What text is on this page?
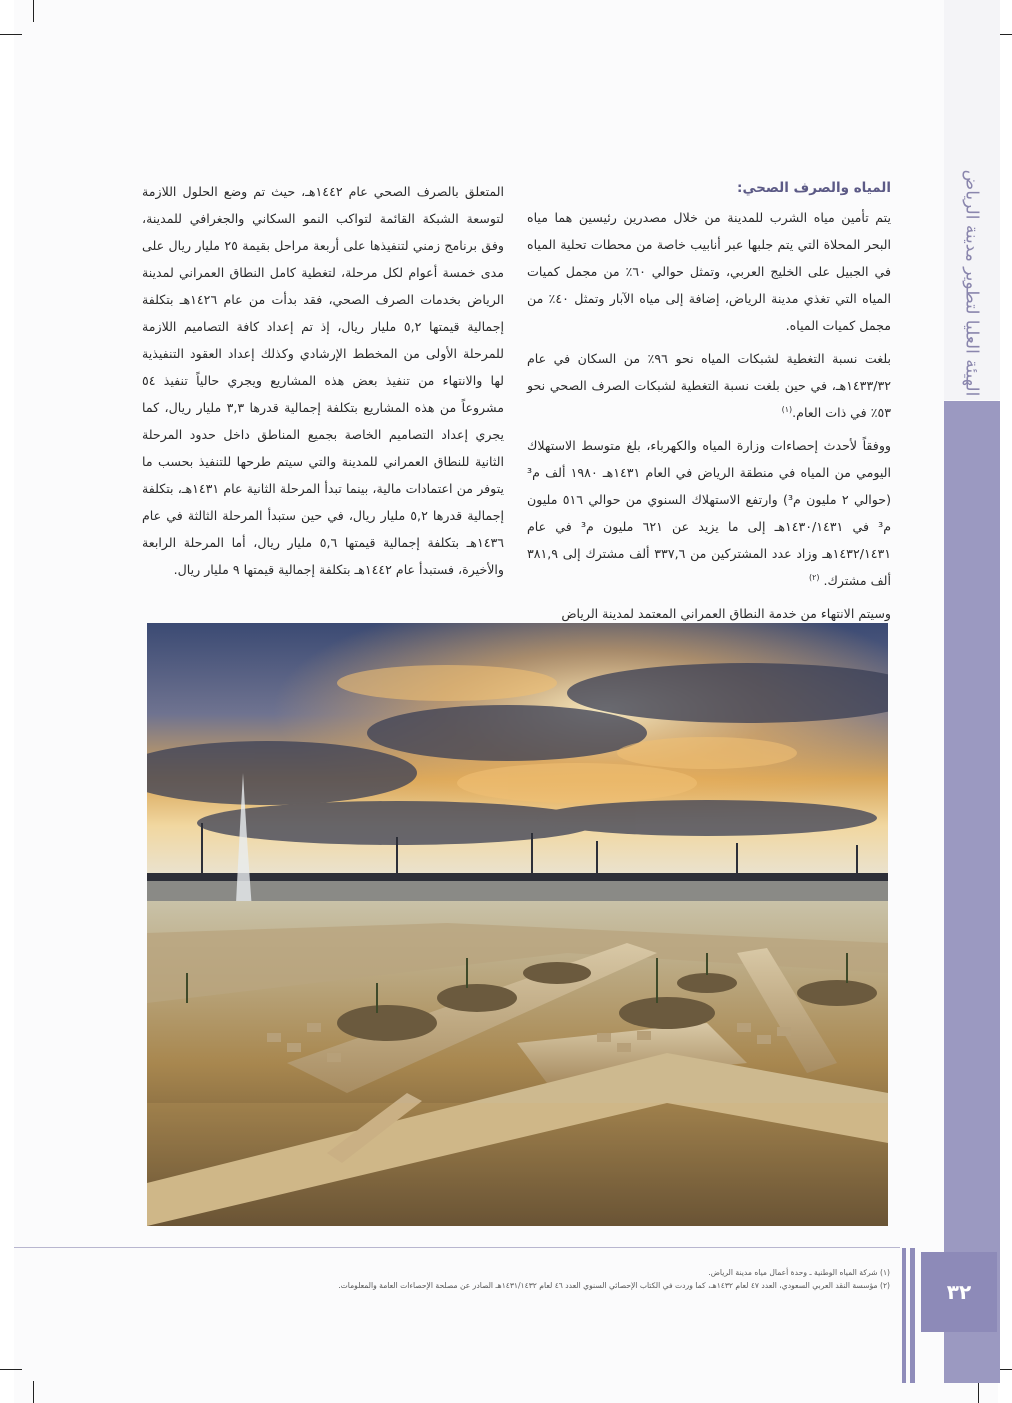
الهيئة العليا لتطوير مدينة الرياض
٣٢
المياه والصرف الصحي:

يتم تأمين مياه الشرب للمدينة من خلال مصدرين رئيسين هما مياه البحر المحلاة التي يتم جلبها عبر أنابيب خاصة من محطات تحلية المياه في الجبيل على الخليج العربي، وتمثل حوالي ٦٠٪ من مجمل كميات المياه التي تغذي مدينة الرياض، إضافة إلى مياه الآبار وتمثل ٤٠٪ من مجمل كميات المياه.

بلغت نسبة التغطية لشبكات المياه نحو ٩٦٪ من السكان في عام ١٤٣٣/٣٢هـ، في حين بلغت نسبة التغطية لشبكات الصرف الصحي نحو ٥٣٪ في ذات العام.$^{(١)}$

ووفقاً لأحدث إحصاءات وزارة المياه والكهرباء، بلغ متوسط الاستهلاك اليومي من المياه في منطقة الرياض في العام ١٤٣١هـ ١٩٨٠ ألف م³ (حوالي ٢ مليون م³) وارتفع الاستهلاك السنوي من حوالي ٥١٦ مليون م³ في ١٤٣٠/١٤٣١هـ إلى ما يزيد عن ٦٢١ مليون م³ في عام ١٤٣٢/١٤٣١هـ وزاد عدد المشتركين من ٣٣٧,٦ ألف مشترك إلى ٣٨١,٩ ألف مشترك. $^{(٢)}$

وسيتم الانتهاء من خدمة النطاق العمراني المعتمد لمدينة الرياض

المتعلق بالصرف الصحي عام ١٤٤٢هـ، حيث تم وضع الحلول اللازمة لتوسعة الشبكة القائمة لتواكب النمو السكاني والجغرافي للمدينة، وفق برنامج زمني لتنفيذها على أربعة مراحل بقيمة ٢٥ مليار ريال على مدى خمسة أعوام لكل مرحلة، لتغطية كامل النطاق العمراني لمدينة الرياض بخدمات الصرف الصحي، فقد بدأت من عام ١٤٢٦هـ بتكلفة إجمالية قيمتها ٥,٢ مليار ريال، إذ تم إعداد كافة التصاميم اللازمة للمرحلة الأولى من المخطط الإرشادي وكذلك إعداد العقود التنفيذية لها والانتهاء من تنفيذ بعض هذه المشاريع ويجري حالياً تنفيذ ٥٤ مشروعاً من هذه المشاريع بتكلفة إجمالية قدرها ٣,٣ مليار ريال، كما يجري إعداد التصاميم الخاصة بجميع المناطق داخل حدود المرحلة الثانية للنطاق العمراني للمدينة والتي سيتم طرحها للتنفيذ بحسب ما يتوفر من اعتمادات مالية، بينما تبدأ المرحلة الثانية عام ١٤٣١هـ، بتكلفة إجمالية قدرها ٥,٢ مليار ريال، في حين ستبدأ المرحلة الثالثة في عام ١٤٣٦هـ بتكلفة إجمالية قيمتها ٥,٦ مليار ريال، أما المرحلة الرابعة والأخيرة، فستبدأ عام ١٤٤٢هـ بتكلفة إجمالية قيمتها ٩ مليار ريال.

(١) شركة المياه الوطنية ـ وحدة أعمال مياه مدينة الرياض.
(٢) مؤسسة النقد العربي السعودي، العدد ٤٧ لعام ١٤٣٢هـ، كما وردت في الكتاب الإحصائي السنوي العدد ٤٦ لعام ١٤٣١/١٤٣٢هـ الصادر عن مصلحة الإحصاءات العامة والمعلومات.
